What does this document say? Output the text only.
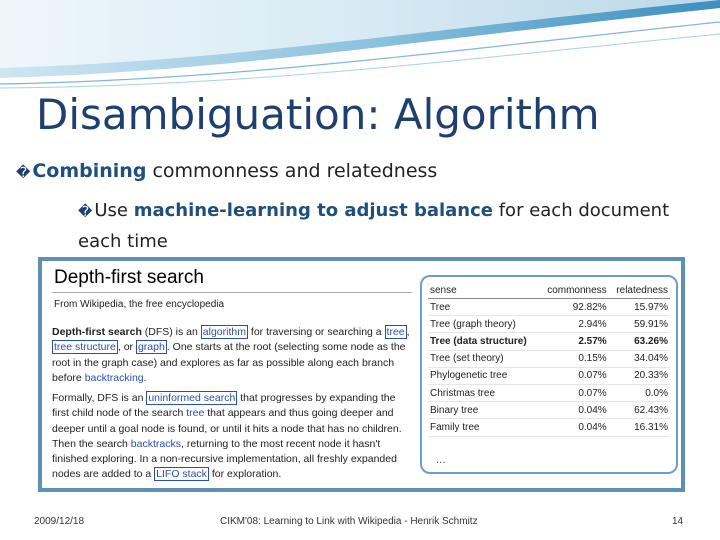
Disambiguation: Algorithm
� Combining commonness and relatedness
� Use machine-learning to adjust balance for each document each time
Depth-first search
From Wikipedia, the free encyclopedia
Depth-first search (DFS) is an algorithm for traversing or searching a tree , tree structure , or graph . One starts at the root (selecting some node as the root in the graph case) and explores as far as possible along each branch before backtracking.
Formally, DFS is an uninformed search that progresses by expanding the first child node of the search tree that appears and thus going deeper and deeper until a goal node is found, or until it hits a node that has no children. Then the search backtracks, returning to the most recent node it hasn't finished exploring. In a non-recursive implementation, all freshly expanded nodes are added to a LIFO stack for exploration.
sense	commonness	relatedness
Tree	92.82%	15.97%
Tree (graph theory)	2.94%	59.91%
Tree (data structure)	2.57%	63.26%
Tree (set theory)	0.15%	34.04%
Phylogenetic tree	0.07%	20.33%
Christmas tree	0.07%	0.0%
Binary tree	0.04%	62.43%
Family tree	0.04%	16.31%
...
2009/12/18	CIKM'08: Learning to Link with Wikipedia - Henrik Schmitz	14
